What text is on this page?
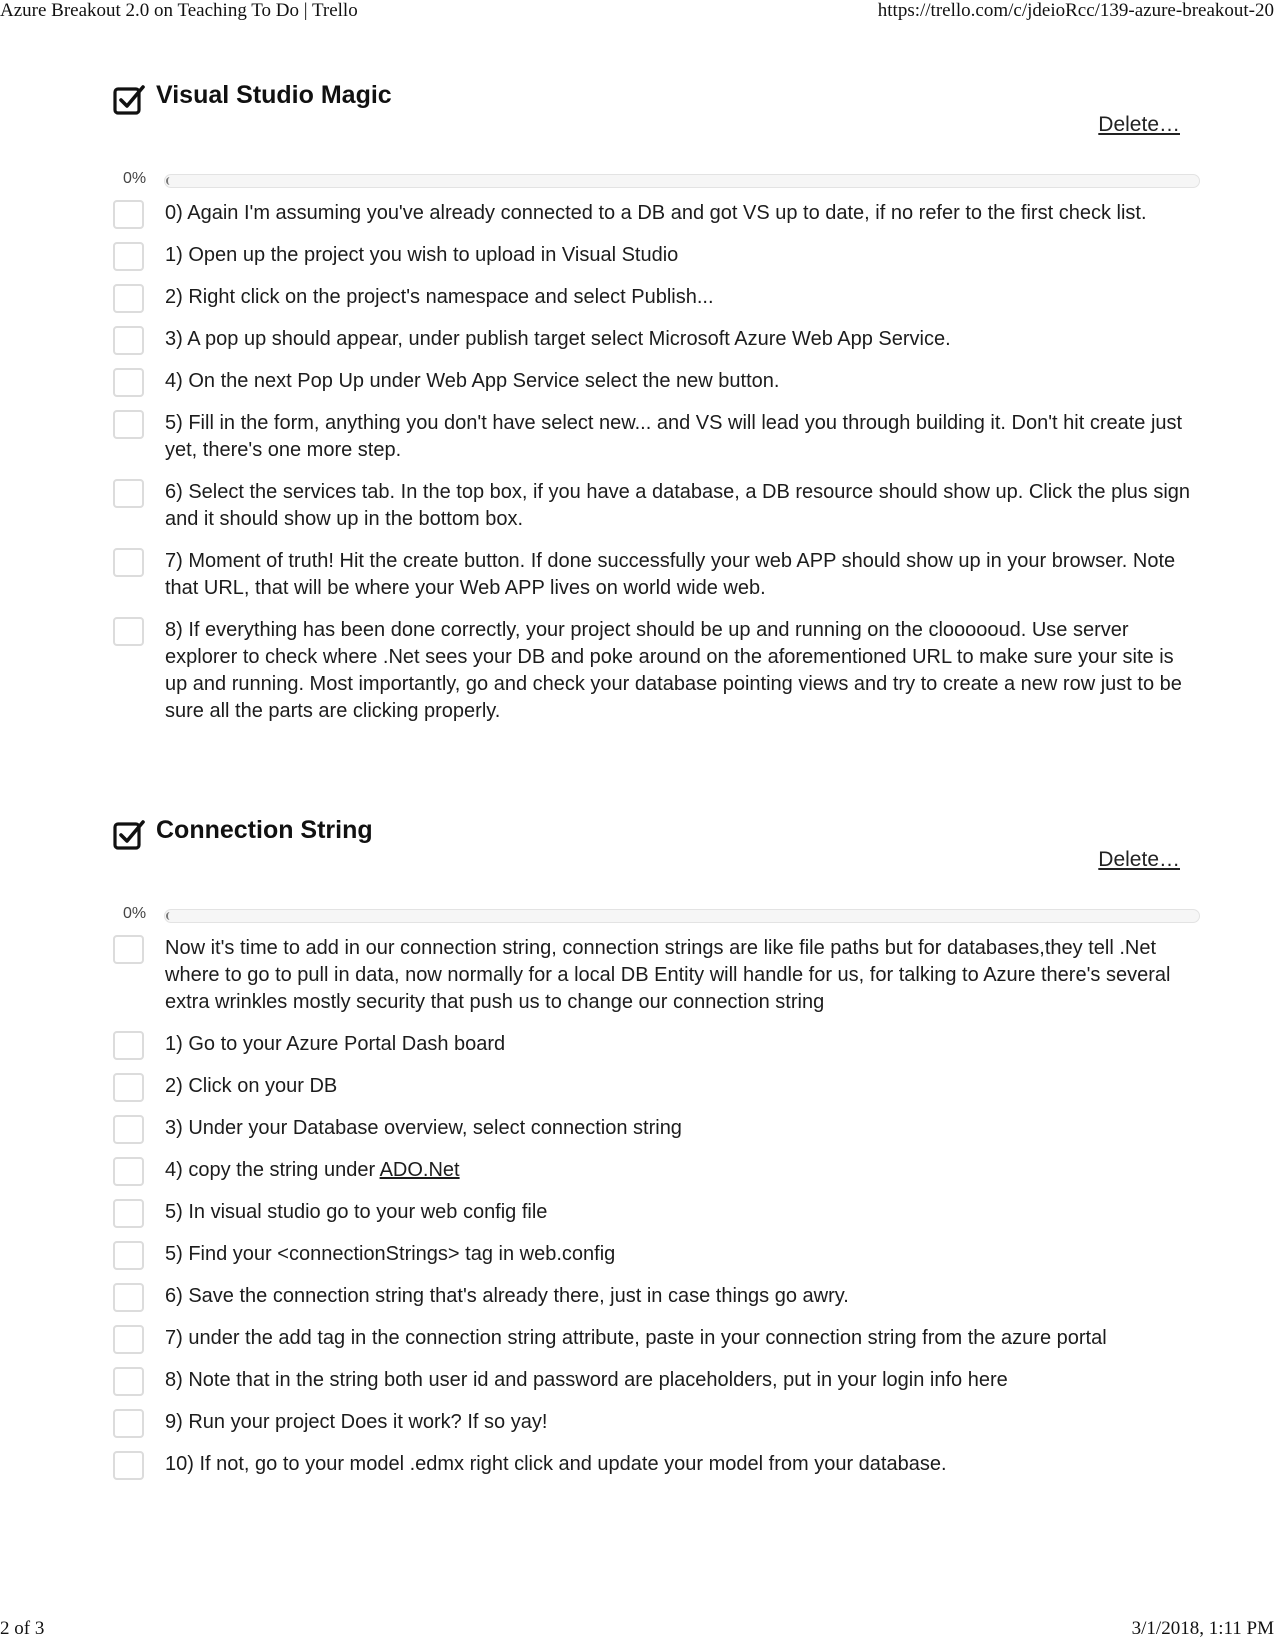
Azure Breakout 2.0 on Teaching To Do | Trello	https://trello.com/c/jdeioRcc/139-azure-breakout-20
Visual Studio Magic
Delete…
0%
0) Again I'm assuming you've already connected to a DB and got VS up to date, if no refer to the first check list.
1) Open up the project you wish to upload in Visual Studio
2) Right click on the project's namespace and select Publish...
3) A pop up should appear, under publish target select Microsoft Azure Web App Service.
4) On the next Pop Up under Web App Service select the new button.
5) Fill in the form, anything you don't have select new... and VS will lead you through building it. Don't hit create just yet, there's one more step.
6) Select the services tab. In the top box, if you have a database, a DB resource should show up. Click the plus sign and it should show up in the bottom box.
7) Moment of truth! Hit the create button. If done successfully your web APP should show up in your browser. Note that URL, that will be where your Web APP lives on world wide web.
8) If everything has been done correctly, your project should be up and running on the cloooooud. Use server explorer to check where .Net sees your DB and poke around on the aforementioned URL to make sure your site is up and running. Most importantly, go and check your database pointing views and try to create a new row just to be sure all the parts are clicking properly.
Connection String
Delete…
0%
Now it's time to add in our connection string, connection strings are like file paths but for databases,they tell .Net where to go to pull in data, now normally for a local DB Entity will handle for us, for talking to Azure there's several extra wrinkles mostly security that push us to change our connection string
1) Go to your Azure Portal Dash board
2) Click on your DB
3) Under your Database overview, select connection string
4) copy the string under ADO.Net
5) In visual studio go to your web config file
5) Find your <connectionStrings> tag in web.config
6) Save the connection string that's already there, just in case things go awry.
7) under the add tag in the connection string attribute, paste in your connection string from the azure portal
8) Note that in the string both user id and password are placeholders, put in your login info here
9) Run your project Does it work? If so yay!
10) If not, go to your model .edmx right click and update your model from your database.
2 of 3	3/1/2018, 1:11 PM
